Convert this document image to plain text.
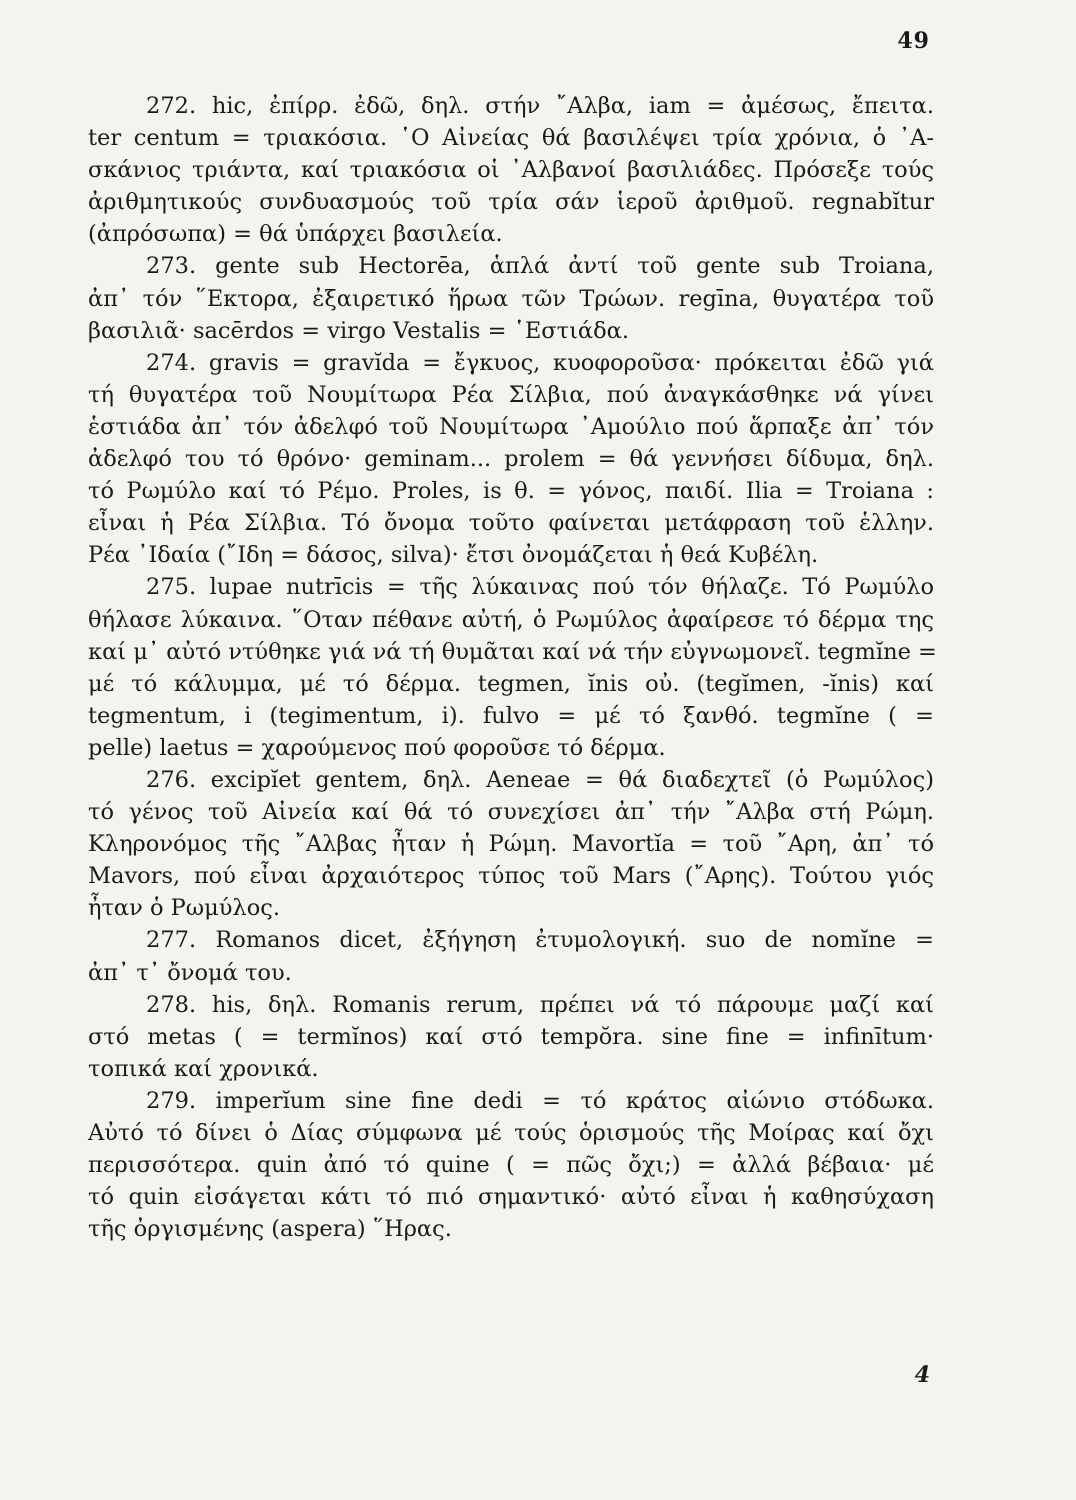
49
272. hic, ἐπίρρ. ἐδῶ, δηλ. στήν ῎Αλβα, iam = ἀμέσως, ἔπειτα.
ter centum = τριακόσια. ῾Ο Αἰνείας θά βασιλέψει τρία χρόνια, ὁ ᾿Α-
σκάνιος τριάντα, καί τριακόσια οἱ ᾿Αλβανοί βασιλιάδες. Πρόσεξε τούς
ἀριθμητικούς συνδυασμούς τοῦ τρία σάν ἱεροῦ ἀριθμοῦ. regnabĭtur
(ἀπρόσωπα) = θά ὑπάρχει βασιλεία.
273. gente sub Hectorēa, ἁπλά ἀντί τοῦ gente sub Troiana,
ἀπ᾿ τόν ῞Εκτορα, ἐξαιρετικό ἥρωα τῶν Τρώων. regīna, θυγατέρα τοῦ
βασιλιᾶ· sacērdos = virgo Vestalis = ῾Εστιάδα.
274. gravis = gravĭda = ἔγκυος, κυοφοροῦσα· πρόκειται ἐδῶ γιά
τή θυγατέρα τοῦ Νουμίτωρα Ρέα Σίλβια, πού ἀναγκάσθηκε νά γίνει
ἑστιάδα ἀπ᾿ τόν ἀδελφό τοῦ Νουμίτωρα ᾿Αμούλιο πού ἅρπαξε ἀπ᾿ τόν
ἀδελφό του τό θρόνο· geminam... prolem = θά γεννήσει δίδυμα, δηλ.
τό Ρωμύλο καί τό Ρέμο. Proles, is θ. = γόνος, παιδί. Ilia = Troiana :
εἶναι ἡ Ρέα Σίλβια. Τό ὄνομα τοῦτο φαίνεται μετάφραση τοῦ ἑλλην.
Ρέα ᾿Ιδαία (῎Ιδη = δάσος, silva)· ἔτσι ὀνομάζεται ἡ θεά Κυβέλη.
275. lupae nutrīcis = τῆς λύκαινας πού τόν θήλαζε. Τό Ρωμύλο
θήλασε λύκαινα. ῞Οταν πέθανε αὐτή, ὁ Ρωμύλος ἀφαίρεσε τό δέρμα της
καί μ᾿ αὐτό ντύθηκε γιά νά τή θυμᾶται καί νά τήν εὐγνωμονεῖ. tegmĭne =
μέ τό κάλυμμα, μέ τό δέρμα. tegmen, ĭnis οὐ. (tegĭmen, -ĭnis) καί
tegmentum, i (tegimentum, i). fulvo = μέ τό ξανθό. tegmĭne ( =
pelle) laetus = χαρούμενος πού φοροῦσε τό δέρμα.
276. excipĭet gentem, δηλ. Aeneae = θά διαδεχτεῖ (ὁ Ρωμύλος)
τό γένος τοῦ Αἰνεία καί θά τό συνεχίσει ἀπ᾿ τήν ῎Αλβα στή Ρώμη.
Κληρονόμος τῆς ῎Αλβας ἦταν ἡ Ρώμη. Mavortĭa = τοῦ ῎Αρη, ἀπ᾿ τό
Mavors, πού εἶναι ἀρχαιότερος τύπος τοῦ Mars (῎Αρης). Τούτου γιός
ἦταν ὁ Ρωμύλος.
277. Romanos dicet, ἐξήγηση ἐτυμολογική. suo de nomĭne =
ἀπ᾿ τ᾿ ὄνομά του.
278. his, δηλ. Romanis rerum, πρέπει νά τό πάρουμε μαζί καί
στό metas ( = termĭnos) καί στό tempŏra. sine fine = infinītum·
τοπικά καί χρονικά.
279. imperĭum sine fine dedi = τό κράτος αἰώνιο στόδωκα.
Αὐτό τό δίνει ὁ Δίας σύμφωνα μέ τούς ὁρισμούς τῆς Μοίρας καί ὄχι
περισσότερα. quin ἀπό τό quine ( = πῶς ὄχι;) = ἀλλά βέβαια· μέ
τό quin εἰσάγεται κάτι τό πιό σημαντικό· αὐτό εἶναι ἡ καθησύχαση
τῆς ὀργισμένης (aspera) ῞Ηρας.
4
